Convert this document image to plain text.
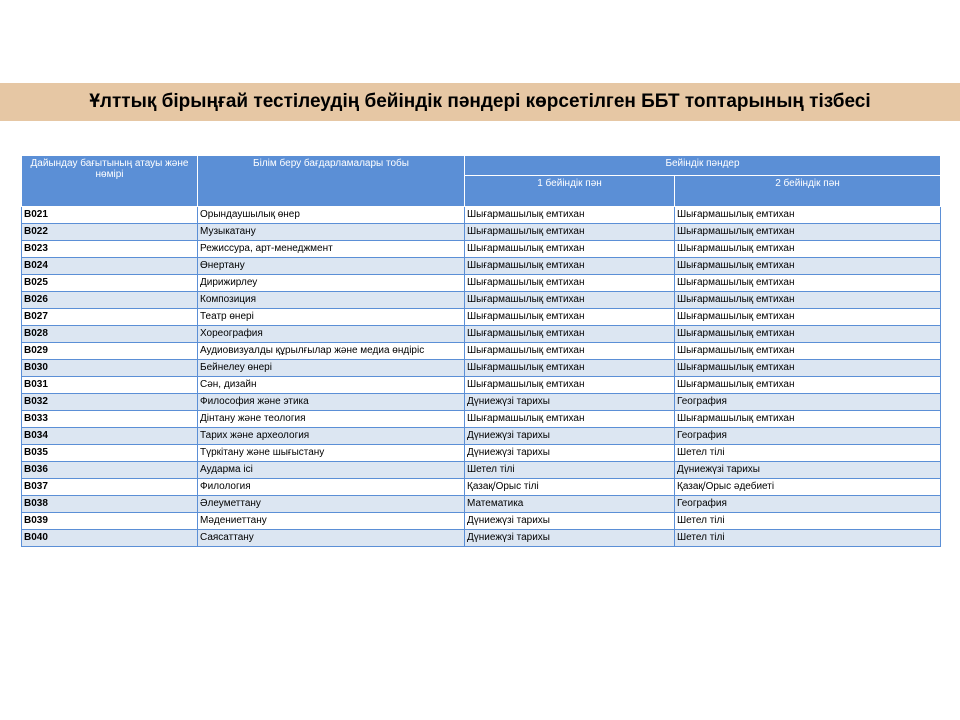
Ұлттық бірыңғай тестілеудің бейіндік пәндері көрсетілген ББТ топтарының тізбесі
Дайындау бағытының атауы және нөмірі	Білім беру бағдарламалары тобы	Бейіндік пәндер	
		1 бейіндік пән	2 бейіндік пән
B021	Орындаушылық өнер	Шығармашылық емтихан	Шығармашылық емтихан
B022	Музыкатану	Шығармашылық емтихан	Шығармашылық емтихан
B023	Режиссура, арт-менеджмент	Шығармашылық емтихан	Шығармашылық емтихан
B024	Өнертану	Шығармашылық емтихан	Шығармашылық емтихан
B025	Дирижирлеу	Шығармашылық емтихан	Шығармашылық емтихан
B026	Композиция	Шығармашылық емтихан	Шығармашылық емтихан
B027	Театр өнері	Шығармашылық емтихан	Шығармашылық емтихан
B028	Хореография	Шығармашылық емтихан	Шығармашылық емтихан
B029	Аудиовизуалды құрылғылар және медиа өндіріс	Шығармашылық емтихан	Шығармашылық емтихан
B030	Бейнелеу өнері	Шығармашылық емтихан	Шығармашылық емтихан
B031	Сән, дизайн	Шығармашылық емтихан	Шығармашылық емтихан
B032	Философия және этика	Дүниежүзі тарихы	География
B033	Дінтану және теология	Шығармашылық емтихан	Шығармашылық емтихан
B034	Тарих және археология	Дүниежүзі тарихы	География
B035	Түркітану және шығыстану	Дүниежүзі тарихы	Шетел тілі
B036	Аударма ісі	Шетел тілі	Дүниежүзі тарихы
B037	Филология	Қазақ/Орыс тілі	Қазақ/Орыс әдебиеті
B038	Әлеуметтану	Математика	География
B039	Мәдениеттану	Дүниежүзі тарихы	Шетел тілі
B040	Саясаттану	Дүниежүзі тарихы	Шетел тілі
